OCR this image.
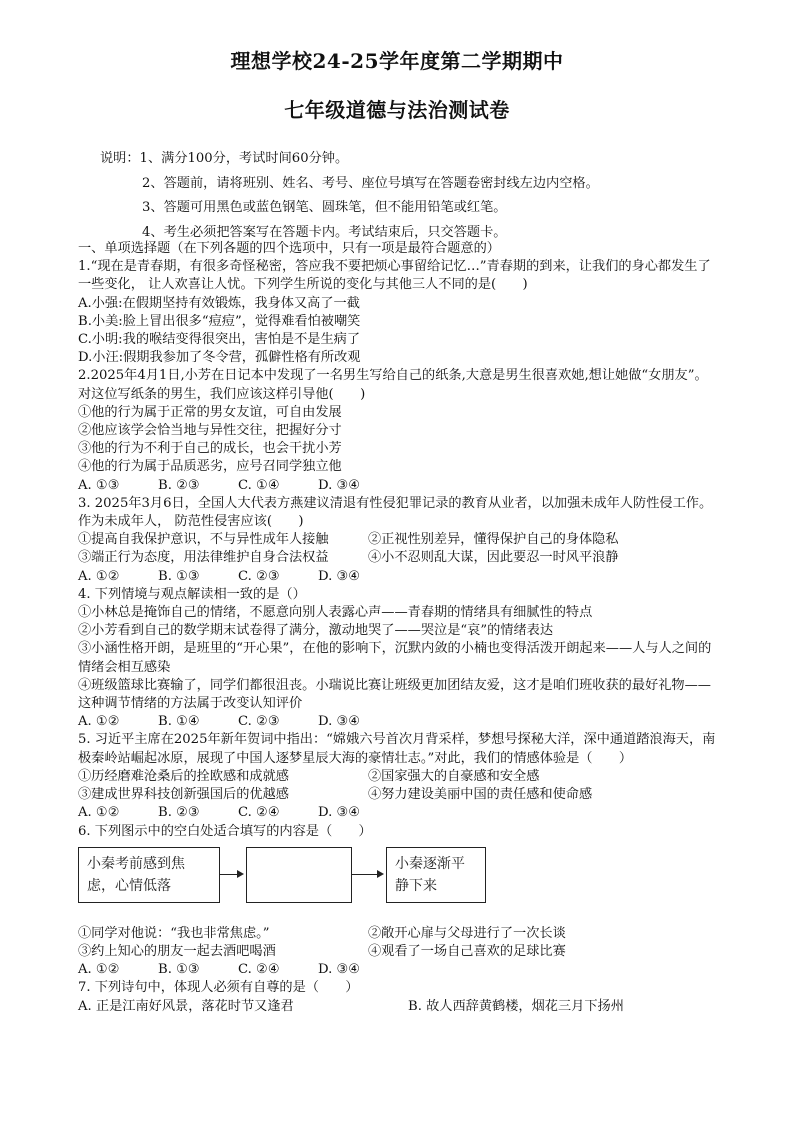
理想学校24-25学年度第二学期期中
七年级道德与法治测试卷
说明：1、满分100分，考试时间60分钟。
2、答题前，请将班别、姓名、考号、座位号填写在答题卷密封线左边内空格。
3、答题可用黑色或蓝色钢笔、圆珠笔，但不能用铅笔或红笔。
4、考生必须把答案写在答题卡内。考试结束后，只交答题卡。
一、单项选择题（在下列各题的四个选项中，只有一项是最符合题意的）
1.“现在是青春期，有很多奇怪秘密，答应我不要把烦心事留给记忆…”青春期的到来，让我们的身心都发生了一些变化， 让人欢喜让人忧。下列学生所说的变化与其他三人不同的是(　　)
A.小强:在假期坚持有效锻炼，我身体又高了一截
B.小美:脸上冒出很多“痘痘”，觉得难看怕被嘲笑
C.小明:我的喉结变得很突出，害怕是不是生病了
D.小汪:假期我参加了冬令营，孤僻性格有所改观
2.2025年4月1日,小芳在日记本中发现了一名男生写给自己的纸条,大意是男生很喜欢她,想让她做“女朋友”。对这位写纸条的男生，我们应该这样引导他(　　)
①他的行为属于正常的男女友谊，可自由发展
②他应该学会恰当地与异性交往，把握好分寸
③他的行为不利于自己的成长，也会干扰小芳
④他的行为属于品质恶劣，应号召同学独立他
A. ①③	B. ②③	C. ①④	D. ③④
3. 2025年3月6日，全国人大代表方燕建议清退有性侵犯罪记录的教育从业者，以加强未成年人防性侵工作。作为未成年人， 防范性侵害应该(　　)
①提高自我保护意识，不与异性成年人接触	②正视性别差异，懂得保护自己的身体隐私
③端正行为态度，用法律维护自身合法权益	④小不忍则乱大谋，因此要忍一时风平浪静
A. ①②	B. ①③	C. ②③	D. ③④
4. 下列情境与观点解读相一致的是（）
①小林总是掩饰自己的情绪，不愿意向别人表露心声——青春期的情绪具有细腻性的特点
②小芳看到自己的数学期末试卷得了满分，激动地哭了——哭泣是“哀”的情绪表达
③小涵性格开朗，是班里的“开心果”，在他的影响下，沉默内敛的小楠也变得活泼开朗起来——人与人之间的情绪会相互感染
④班级篮球比赛输了，同学们都很沮丧。小瑞说比赛让班级更加团结友爱，这才是咱们班收获的最好礼物——这种调节情绪的方法属于改变认知评价
A. ①②	B. ①④	C. ②③	D. ③④
5. 习近平主席在2025年新年贺词中指出：“嫦娥六号首次月背采样，梦想号探秘大洋，深中通道踏浪海天，南极秦岭站崛起冰原，展现了中国人逐梦星辰大海的豪情壮志。”对此，我们的情感体验是（　　）
①历经磨难沧桑后的拴欧感和成就感	②国家强大的自豪感和安全感
③建成世界科技创新强国后的优越感	④努力建设美丽中国的责任感和使命感
A. ①②	B. ②③	C. ②④	D. ③④
6. 下列图示中的空白处适合填写的内容是（　　）
小秦考前感到焦虑，心情低落
小秦逐渐平静下来
①同学对他说：“我也非常焦虑。”	②敞开心扉与父母进行了一次长谈
③约上知心的朋友一起去酒吧喝酒	④观看了一场自己喜欢的足球比赛
A. ①②	B. ①③	C. ②④	D. ③④
7. 下列诗句中，体现人必须有自尊的是（　　）
A. 正是江南好风景，落花时节又逢君	B. 故人西辞黄鹤楼，烟花三月下扬州
